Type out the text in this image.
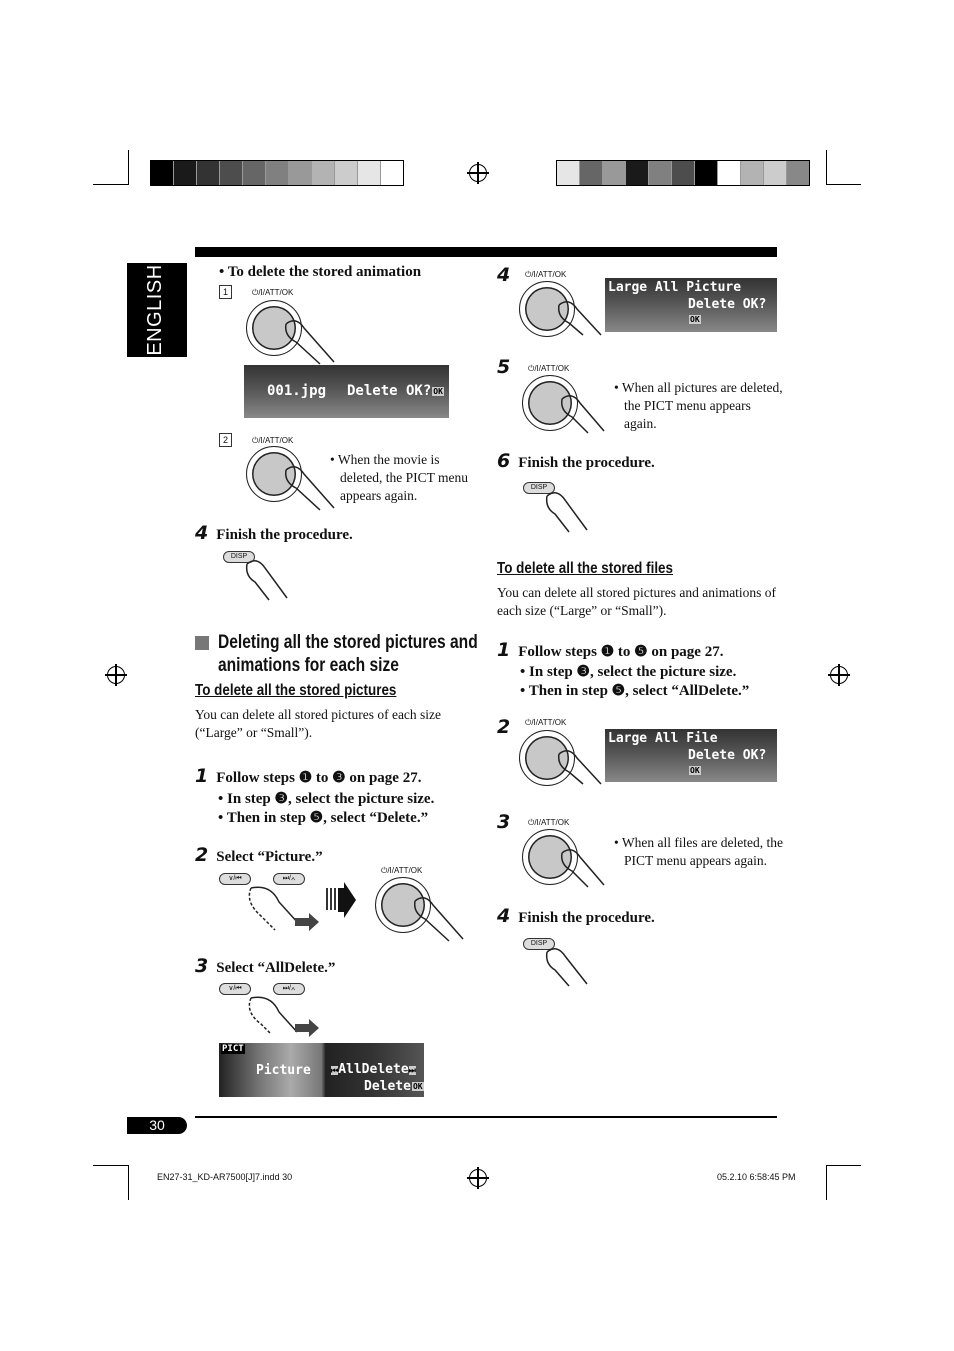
ENGLISH	• To delete the stored animation
1	⏻/I/ATT/OK
001.jpg Delete OK? OK
2	⏻/I/ATT/OK
• When the movie is deleted, the PICT menu appears again.
4 Finish the procedure.
DISP
Deleting all the stored pictures and
animations for each size
To delete all the stored pictures
You can delete all stored pictures of each size (“Large” or “Small”).
1 Follow steps ❶ to ❸ on page 27.
• In step ❸, select the picture size.
• Then in step ❺, select “Delete.”
2 Select “Picture.”
∨/⏮	⏭/∧
⏻/I/ATT/OK
3 Select “AllDelete.”
∨/⏮	⏭/∧
PICT
Picture	⏮AllDelete⏭
Delete OK
4 ⏻/I/ATT/OK
Large All Picture
Delete OK?OK
5 ⏻/I/ATT/OK
• When all pictures are deleted, the PICT menu appears again.
6 Finish the procedure.
DISP
To delete all the stored files
You can delete all stored pictures and animations of each size (“Large” or “Small”).
1 Follow steps ❶ to ❺ on page 27.
• In step ❸, select the picture size.
• Then in step ❺, select “AllDelete.”
2 ⏻/I/ATT/OK
Large All File
Delete OK?OK
3 ⏻/I/ATT/OK
• When all files are deleted, the PICT menu appears again.
4 Finish the procedure.
DISP
30
EN27-31_KD-AR7500[J]7.indd 30	05.2.10 6:58:45 PM
